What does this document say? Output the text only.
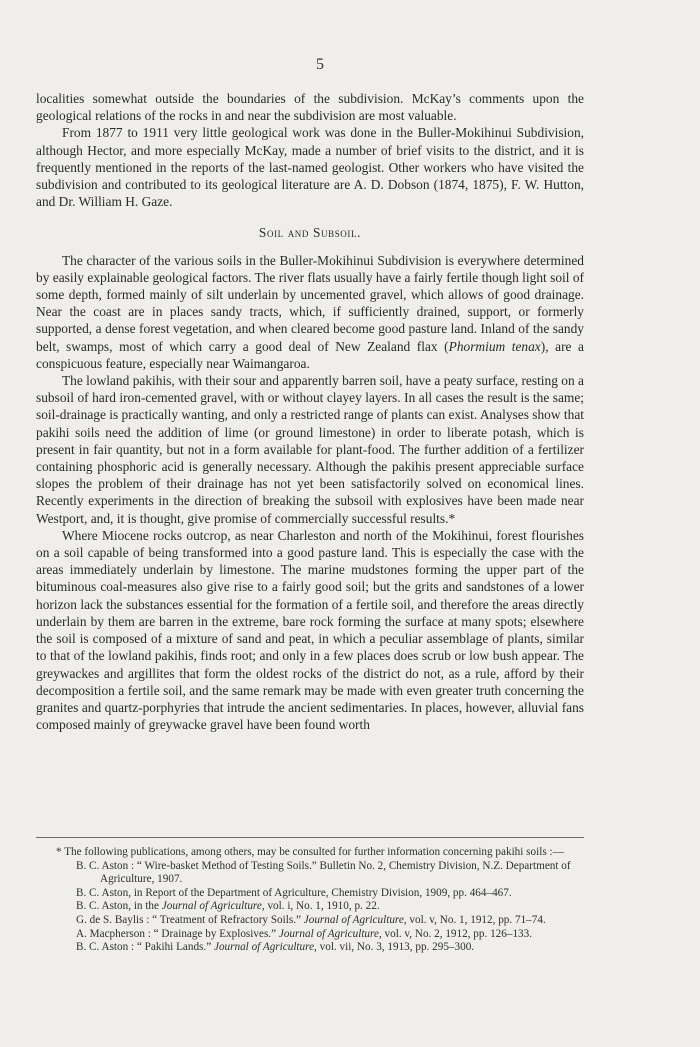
5

localities somewhat outside the boundaries of the subdivision. McKay’s comments upon the geological relations of the rocks in and near the subdivision are most valuable.

From 1877 to 1911 very little geological work was done in the Buller-Mokihinui Subdivision, although Hector, and more especially McKay, made a number of brief visits to the district, and it is frequently mentioned in the reports of the last-named geologist. Other workers who have visited the subdivision and contributed to its geological literature are A. D. Dobson (1874, 1875), F. W. Hutton, and Dr. William H. Gaze.

Soil and Subsoil.

The character of the various soils in the Buller-Mokihinui Subdivision is everywhere determined by easily explainable geological factors. The river flats usually have a fairly fertile though light soil of some depth, formed mainly of silt underlain by uncemented gravel, which allows of good drainage. Near the coast are in places sandy tracts, which, if sufficiently drained, support, or formerly supported, a dense forest vegetation, and when cleared become good pasture land. Inland of the sandy belt, swamps, most of which carry a good deal of New Zealand flax (Phormium tenax), are a conspicuous feature, especially near Waimangaroa.

The lowland pakihis, with their sour and apparently barren soil, have a peaty surface, resting on a subsoil of hard iron-cemented gravel, with or without clayey layers. In all cases the result is the same; soil-drainage is practically wanting, and only a restricted range of plants can exist. Analyses show that pakihi soils need the addition of lime (or ground limestone) in order to liberate potash, which is present in fair quantity, but not in a form available for plant-food. The further addition of a fertilizer containing phosphoric acid is generally necessary. Although the pakihis present appreciable surface slopes the problem of their drainage has not yet been satisfactorily solved on economical lines. Recently experiments in the direction of breaking the subsoil with explosives have been made near Westport, and, it is thought, give promise of commercially successful results.*

Where Miocene rocks outcrop, as near Charleston and north of the Mokihinui, forest flourishes on a soil capable of being transformed into a good pasture land. This is especially the case with the areas immediately underlain by limestone. The marine mudstones forming the upper part of the bituminous coal-measures also give rise to a fairly good soil; but the grits and sandstones of a lower horizon lack the substances essential for the formation of a fertile soil, and therefore the areas directly underlain by them are barren in the extreme, bare rock forming the surface at many spots; elsewhere the soil is composed of a mixture of sand and peat, in which a peculiar assemblage of plants, similar to that of the lowland pakihis, finds root; and only in a few places does scrub or low bush appear. The greywackes and argillites that form the oldest rocks of the district do not, as a rule, afford by their decomposition a fertile soil, and the same remark may be made with even greater truth concerning the granites and quartz-porphyries that intrude the ancient sedimentaries. In places, however, alluvial fans composed mainly of greywacke gravel have been found worth

* The following publications, among others, may be consulted for further information concerning pakihi soils :—

B. C. Aston : “ Wire-basket Method of Testing Soils.” Bulletin No. 2, Chemistry Division, N.Z. Department of Agriculture, 1907.
B. C. Aston, in Report of the Department of Agriculture, Chemistry Division, 1909, pp. 464–467.
B. C. Aston, in the Journal of Agriculture, vol. i, No. 1, 1910, p. 22.
G. de S. Baylis : “ Treatment of Refractory Soils.” Journal of Agriculture, vol. v, No. 1, 1912, pp. 71–74.
A. Macpherson : “ Drainage by Explosives.” Journal of Agriculture, vol. v, No. 2, 1912, pp. 126–133.
B. C. Aston : “ Pakihi Lands.” Journal of Agriculture, vol. vii, No. 3, 1913, pp. 295–300.
